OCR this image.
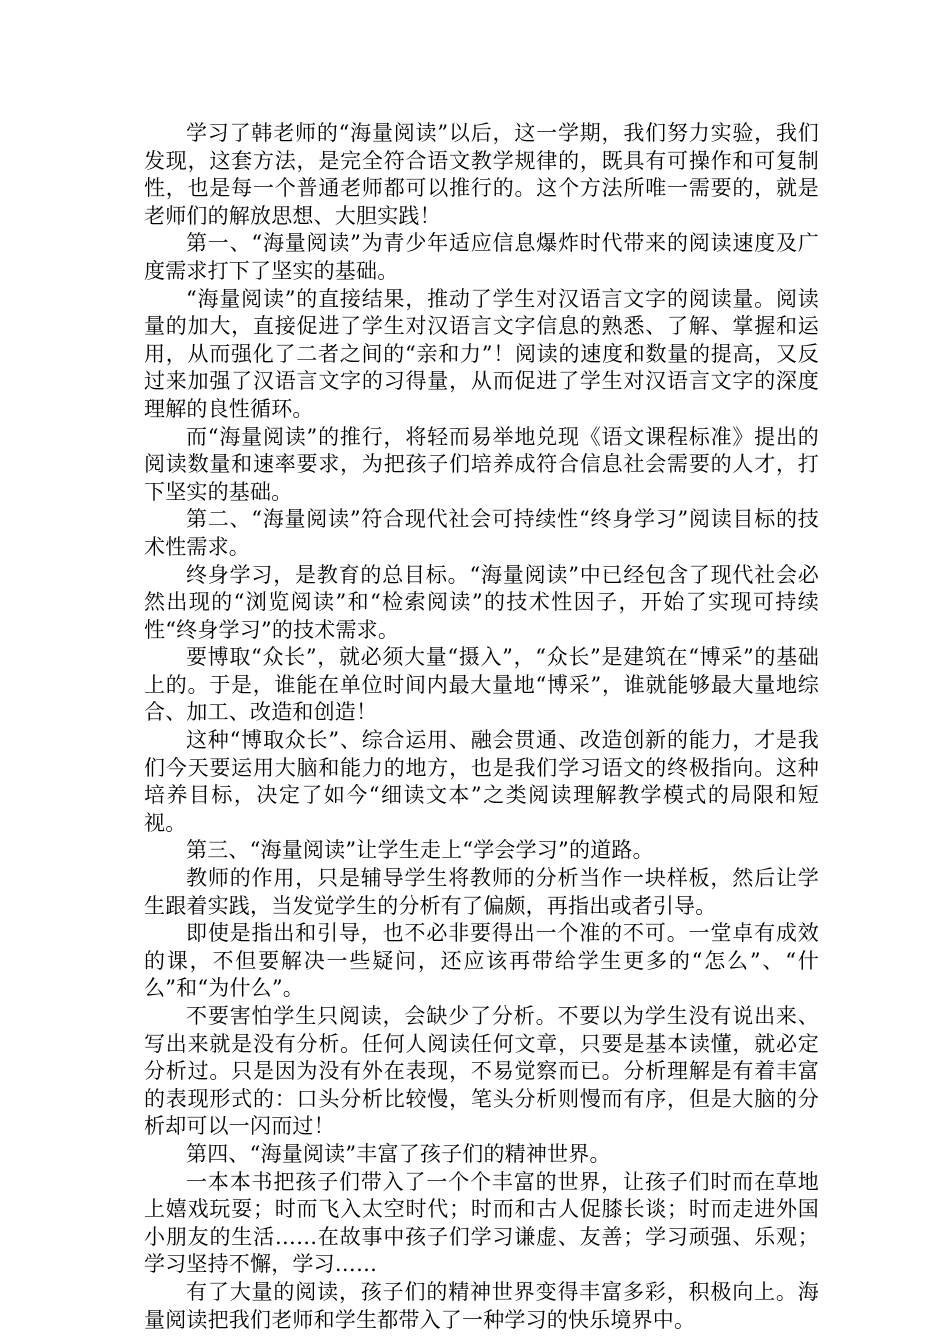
学习了韩老师的“海量阅读”以后，这一学期，我们努力实验，我们发现，这套方法，是完全符合语文教学规律的，既具有可操作和可复制性，也是每一个普通老师都可以推行的。这个方法所唯一需要的，就是老师们的解放思想、大胆实践！

第一、“海量阅读”为青少年适应信息爆炸时代带来的阅读速度及广度需求打下了坚实的基础。

“海量阅读”的直接结果，推动了学生对汉语言文字的阅读量。阅读量的加大，直接促进了学生对汉语言文字信息的熟悉、了解、掌握和运用，从而强化了二者之间的“亲和力”！阅读的速度和数量的提高，又反过来加强了汉语言文字的习得量，从而促进了学生对汉语言文字的深度理解的良性循环。

而“海量阅读”的推行，将轻而易举地兑现《语文课程标准》提出的阅读数量和速率要求，为把孩子们培养成符合信息社会需要的人才，打下坚实的基础。

第二、“海量阅读”符合现代社会可持续性“终身学习”阅读目标的技术性需求。

终身学习，是教育的总目标。“海量阅读”中已经包含了现代社会必然出现的“浏览阅读”和“检索阅读”的技术性因子，开始了实现可持续性“终身学习”的技术需求。

要博取“众长”，就必须大量“摄入”，“众长”是建筑在“博采”的基础上的。于是，谁能在单位时间内最大量地“博采”，谁就能够最大量地综合、加工、改造和创造！

这种“博取众长”、综合运用、融会贯通、改造创新的能力，才是我们今天要运用大脑和能力的地方，也是我们学习语文的终极指向。这种培养目标，决定了如今“细读文本”之类阅读理解教学模式的局限和短视。

第三、“海量阅读”让学生走上“学会学习”的道路。

教师的作用，只是辅导学生将教师的分析当作一块样板，然后让学生跟着实践，当发觉学生的分析有了偏颇，再指出或者引导。

即使是指出和引导，也不必非要得出一个准的不可。一堂卓有成效的课，不但要解决一些疑问，还应该再带给学生更多的“怎么”、“什么”和“为什么”。

不要害怕学生只阅读，会缺少了分析。不要以为学生没有说出来、写出来就是没有分析。任何人阅读任何文章，只要是基本读懂，就必定分析过。只是因为没有外在表现，不易觉察而已。分析理解是有着丰富的表现形式的：口头分析比较慢，笔头分析则慢而有序，但是大脑的分析却可以一闪而过！

第四、“海量阅读”丰富了孩子们的精神世界。

一本本书把孩子们带入了一个个丰富的世界，让孩子们时而在草地上嬉戏玩耍；时而飞入太空时代；时而和古人促膝长谈；时而走进外国小朋友的生活……在故事中孩子们学习谦虚、友善；学习顽强、乐观；学习坚持不懈，学习……

有了大量的阅读，孩子们的精神世界变得丰富多彩，积极向上。海量阅读把我们老师和学生都带入了一种学习的快乐境界中。
